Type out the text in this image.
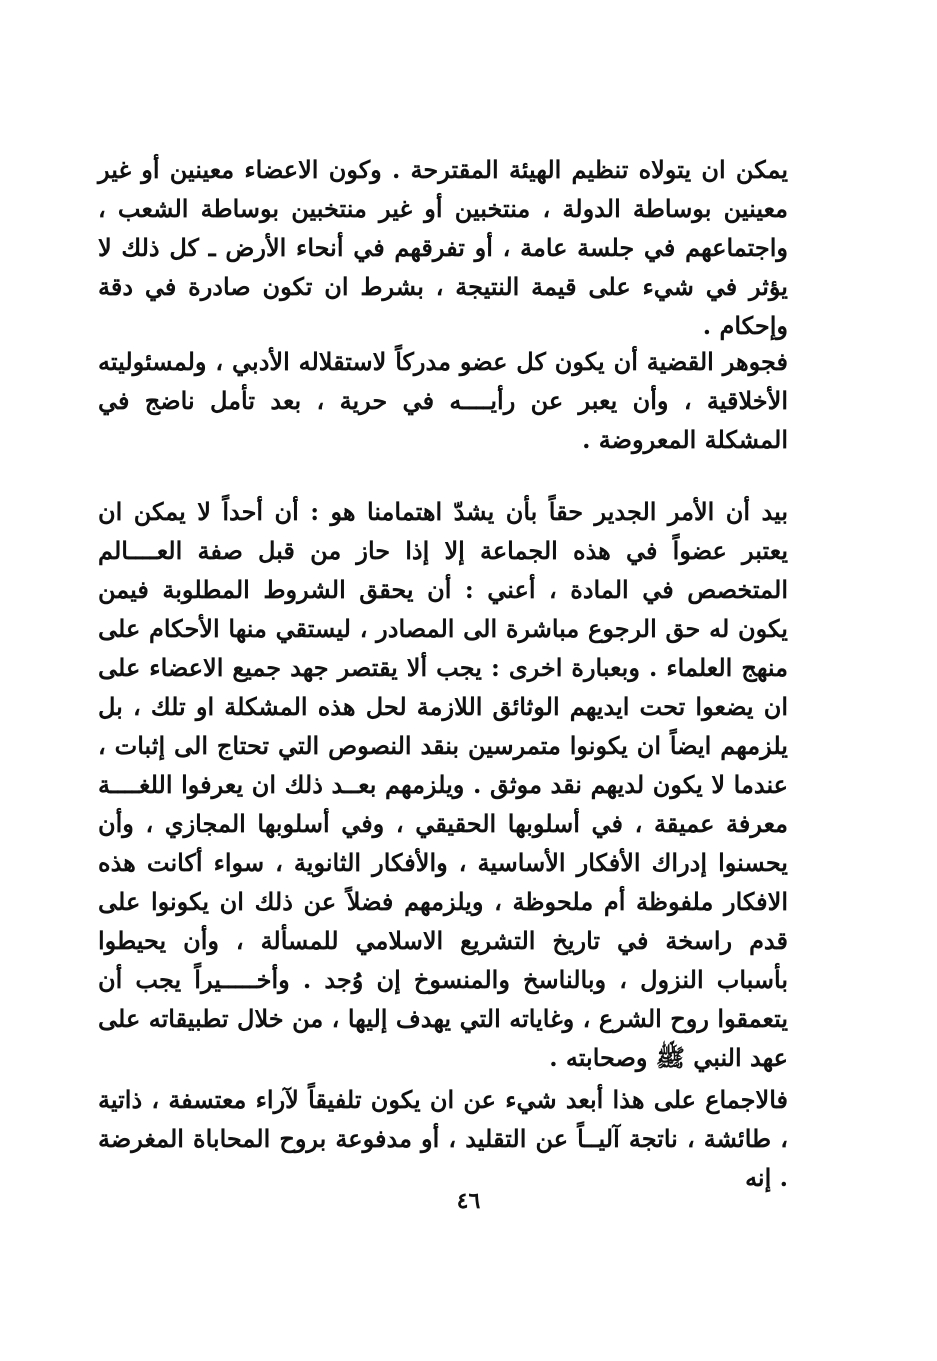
يمكن ان يتولاه تنظيم الهيئة المقترحة . وكون الاعضاء معينين أو غير معينين بوساطة الدولة ، منتخبين أو غير منتخبين بوساطة الشعب ، واجتماعهم في جلسة عامة ، أو تفرقهم في أنحاء الأرض ـ كل ذلك لا يؤثر في شيء على قيمة النتيجة ، بشرط ان تكون صادرة في دقة وإحكام .
فجوهر القضية أن يكون كل عضو مدركاً لاستقلاله الأدبي ، ولمسئوليته الأخلاقية ، وأن يعبر عن رأيــــه في حرية ، بعد تأمل ناضج في المشكلة المعروضة .
بيد أن الأمر الجدير حقاً بأن يشدّ اهتمامنا هو : أن أحداً لا يمكن ان يعتبر عضواً في هذه الجماعة إلا إذا حاز من قبل صفة العــــالم المتخصص في المادة ، أعني : أن يحقق الشروط المطلوبة فيمن يكون له حق الرجوع مباشرة الى المصادر ، ليستقي منها الأحكام على منهج العلماء . وبعبارة اخرى : يجب ألا يقتصر جهد جميع الاعضاء على ان يضعوا تحت ايديهم الوثائق اللازمة لحل هذه المشكلة او تلك ، بل يلزمهم ايضاً ان يكونوا متمرسين بنقد النصوص التي تحتاج الى إثبات ، عندما لا يكون لديهم نقد موثق . ويلزمهم بعــد ذلك ان يعرفوا اللغــــة معرفة عميقة ، في أسلوبها الحقيقي ، وفي أسلوبها المجازي ، وأن يحسنوا إدراك الأفكار الأساسية ، والأفكار الثانوية ، سواء أكانت هذه الافكار ملفوظة أم ملحوظة ، ويلزمهم فضلاً عن ذلك ان يكونوا على قدم راسخة في تاريخ التشريع الاسلامي للمسألة ، وأن يحيطوا بأسباب النزول ، وبالناسخ والمنسوخ إن وُجد . وأخـــــيراً يجب أن يتعمقوا روح الشرع ، وغاياته التي يهدف إليها ، من خلال تطبيقاته على عهد النبي ﷺ وصحابته .
فالاجماع على هذا أبعد شيء عن ان يكون تلفيقاً لآراء معتسفة ، ذاتية ، طائشة ، ناتجة آليــاً عن التقليد ، أو مدفوعة بروح المحاباة المغرضة . إنه
٤٦
